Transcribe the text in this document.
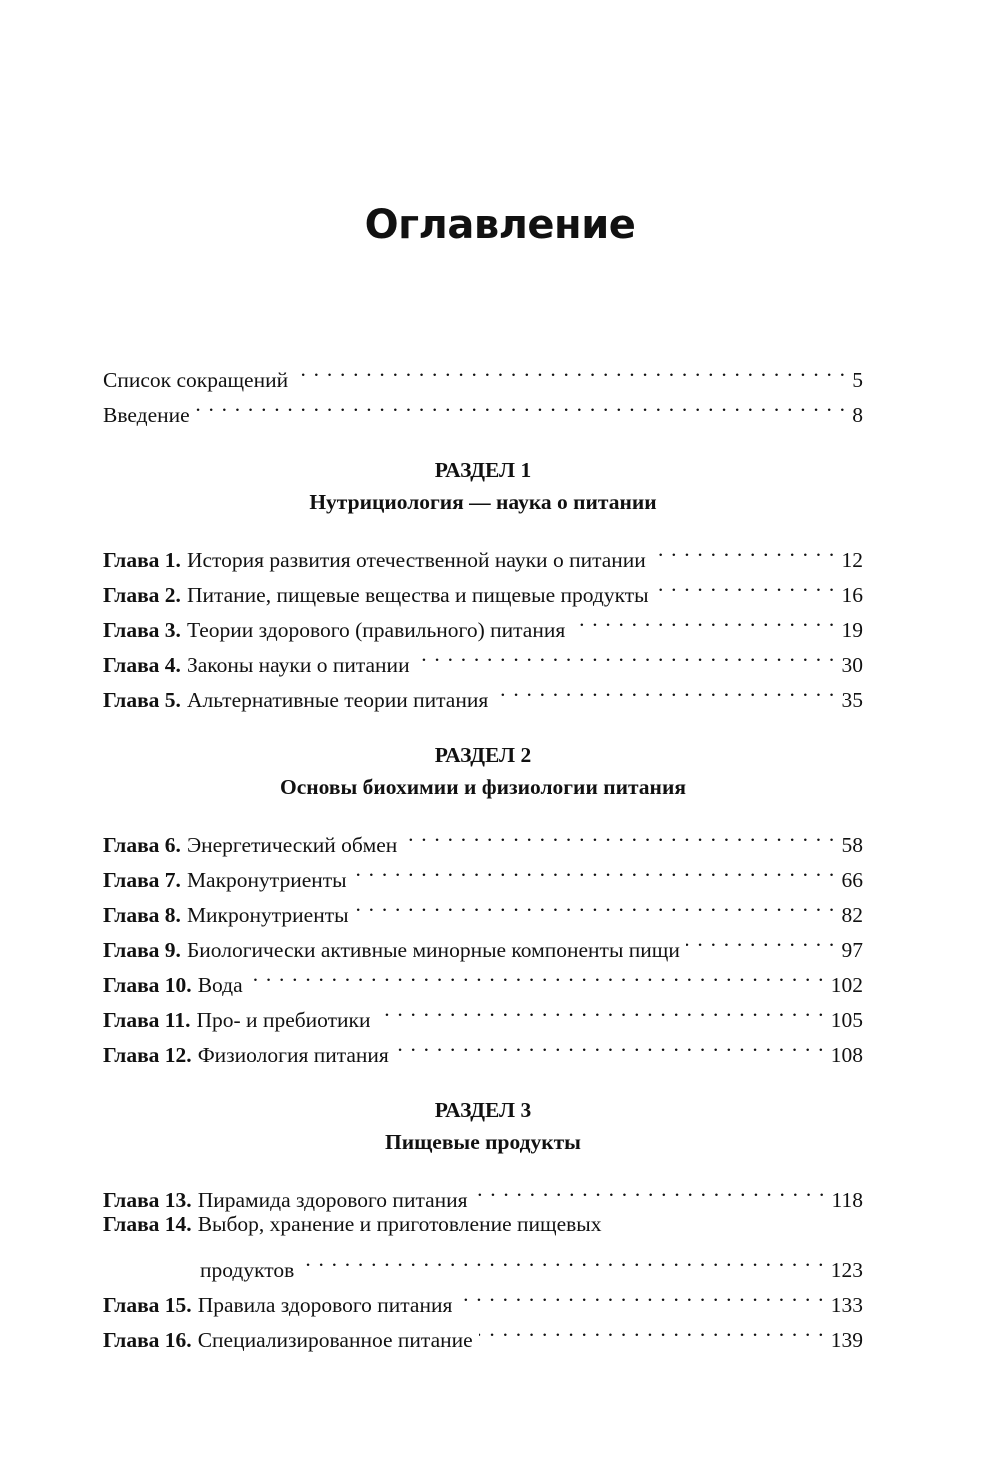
Оглавление
Список сокращений . . .	5
Введение . . .	8
РАЗДЕЛ 1
Нутрициология — наука о питании
Глава 1. История развития отечественной науки о питании . . .	12
Глава 2. Питание, пищевые вещества и пищевые продукты . . .	16
Глава 3. Теории здорового (правильного) питания . . .	19
Глава 4. Законы науки о питании . . .	30
Глава 5. Альтернативные теории питания . . .	35
РАЗДЕЛ 2
Основы биохимии и физиологии питания
Глава 6. Энергетический обмен . . .	58
Глава 7. Макронутриенты . . .	66
Глава 8. Микронутриенты . . .	82
Глава 9. Биологически активные минорные компоненты пищи . . .	97
Глава 10. Вода . . .	102
Глава 11. Про- и пребиотики . . .	105
Глава 12. Физиология питания . . .	108
РАЗДЕЛ 3
Пищевые продукты
Глава 13. Пирамида здорового питания . . .	118
Глава 14. Выбор, хранение и приготовление пищевых
продуктов . . .	123
Глава 15. Правила здорового питания . . .	133
Глава 16. Специализированное питание . . .	139
